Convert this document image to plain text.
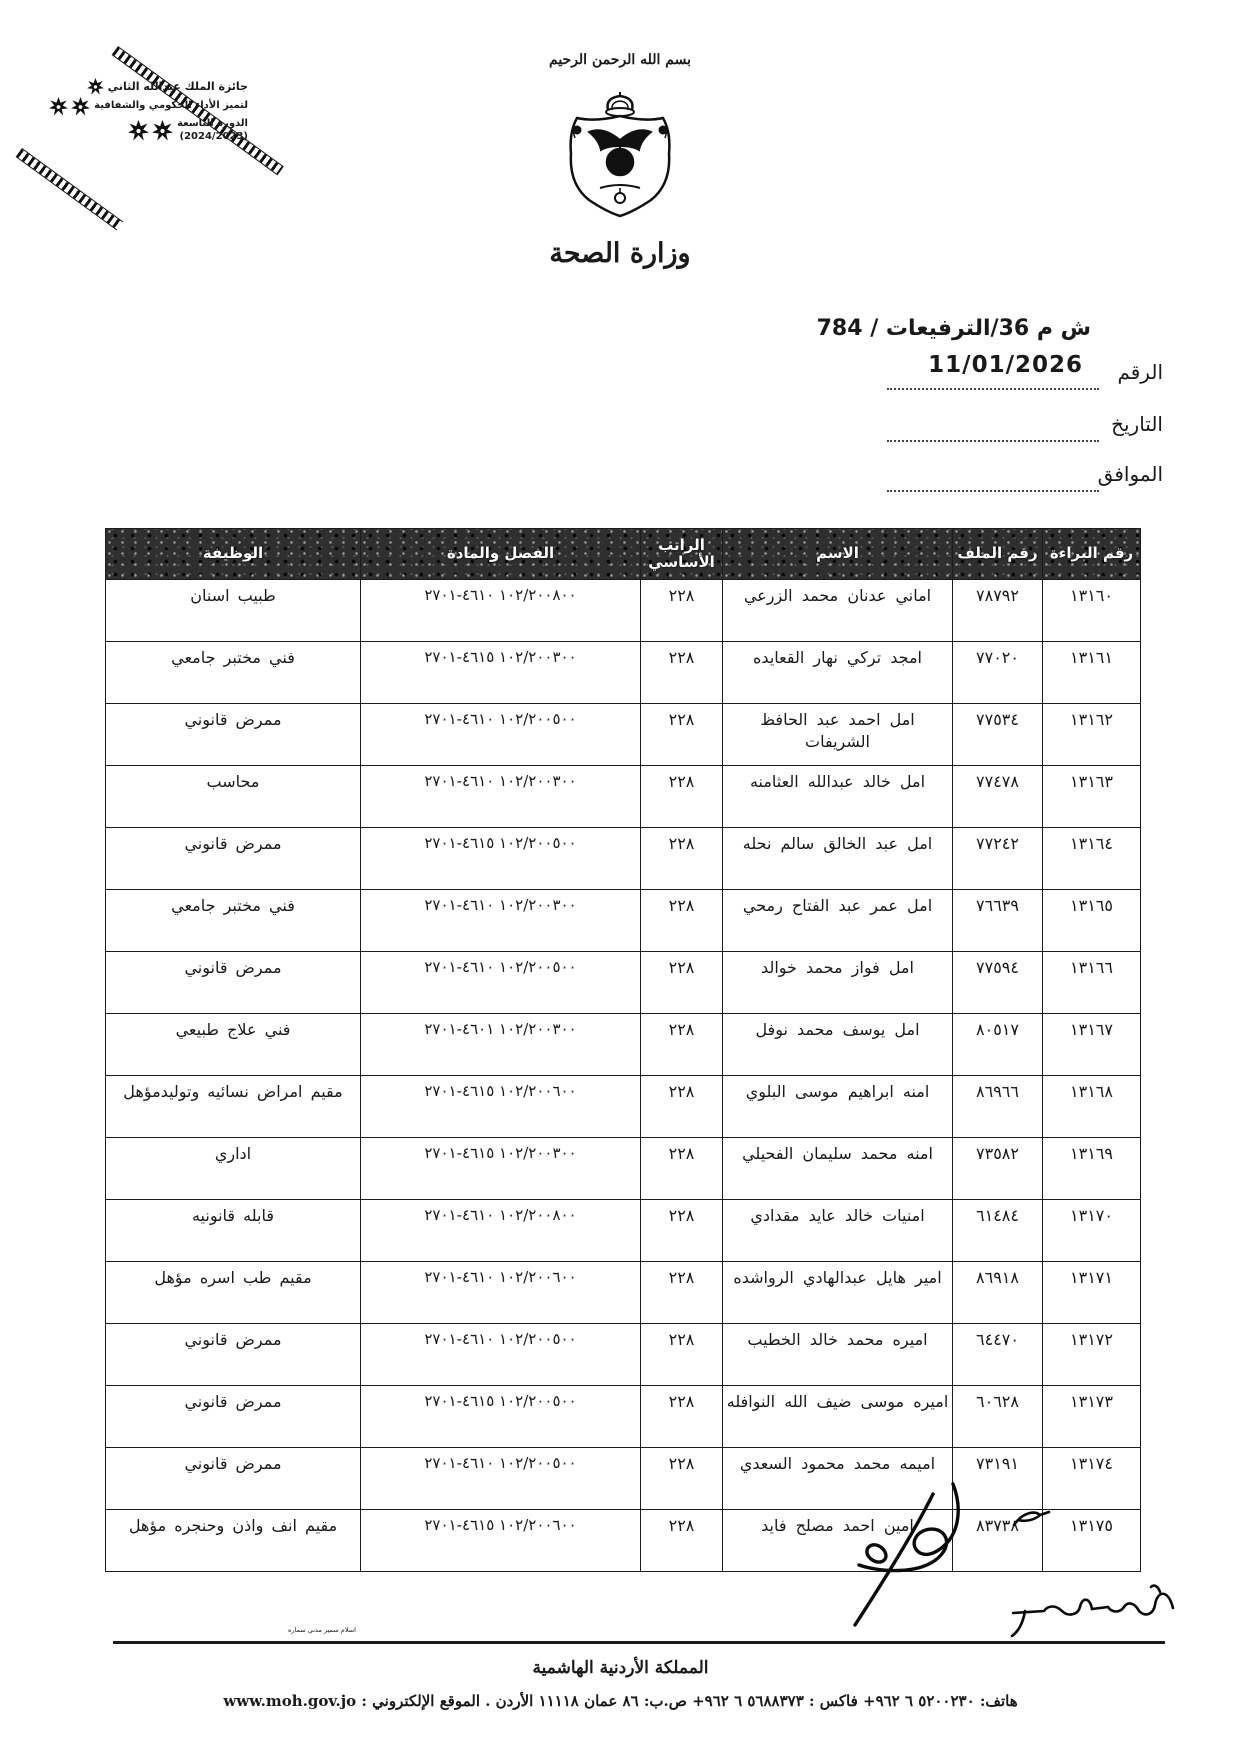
جائزة الملك عبدالله الثاني
لتميز الأداء الحكومي والشفافية
الدورة التاسعة
(2024/2023)
بسم الله الرحمن الرحيم
وزارة الصحة
ش م 36/الترفيعات / 784
11/01/2026 الرقم
التاريخ
الموافق
رقم البراءة	رقم الملف	الاسم	الراتب الأساسي	الفصل والمادة	الوظيفة
١٣١٦٠	٧٨٧٩٢	اماني عدنان محمد الزرعي	٢٢٨	١٠٢/٢٠٠٨٠٠ ٤٦١٠-٢٧٠١	طبيب اسنان
١٣١٦١	٧٧٠٢٠	امجد تركي نهار القعايده	٢٢٨	١٠٢/٢٠٠٣٠٠ ٤٦١٥-٢٧٠١	فني مختبر جامعي
١٣١٦٢	٧٧٥٣٤	امل احمد عبد الحافظ الشريفات	٢٢٨	١٠٢/٢٠٠٥٠٠ ٤٦١٠-٢٧٠١	ممرض قانوني
١٣١٦٣	٧٧٤٧٨	امل خالد عبدالله العثامنه	٢٢٨	١٠٢/٢٠٠٣٠٠ ٤٦١٠-٢٧٠١	محاسب
١٣١٦٤	٧٧٢٤٢	امل عبد الخالق سالم نحله	٢٢٨	١٠٢/٢٠٠٥٠٠ ٤٦١٥-٢٧٠١	ممرض قانوني
١٣١٦٥	٧٦٦٣٩	امل عمر عبد الفتاح رمحي	٢٢٨	١٠٢/٢٠٠٣٠٠ ٤٦١٠-٢٧٠١	فني مختبر جامعي
١٣١٦٦	٧٧٥٩٤	امل فواز محمد خوالد	٢٢٨	١٠٢/٢٠٠٥٠٠ ٤٦١٠-٢٧٠١	ممرض قانوني
١٣١٦٧	٨٠٥١٧	امل يوسف محمد نوفل	٢٢٨	١٠٢/٢٠٠٣٠٠ ٤٦٠١-٢٧٠١	فني علاج طبيعي
١٣١٦٨	٨٦٩٦٦	امنه ابراهيم موسى البلوي	٢٢٨	١٠٢/٢٠٠٦٠٠ ٤٦١٥-٢٧٠١	مقيم امراض نسائيه وتوليدمؤهل
١٣١٦٩	٧٣٥٨٢	امنه محمد سليمان الفحيلي	٢٢٨	١٠٢/٢٠٠٣٠٠ ٤٦١٥-٢٧٠١	اداري
١٣١٧٠	٦١٤٨٤	امنيات خالد عايد مقدادي	٢٢٨	١٠٢/٢٠٠٨٠٠ ٤٦١٠-٢٧٠١	قابله قانونيه
١٣١٧١	٨٦٩١٨	امير هايل عبدالهادي الرواشده	٢٢٨	١٠٢/٢٠٠٦٠٠ ٤٦١٠-٢٧٠١	مقيم طب اسره مؤهل
١٣١٧٢	٦٤٤٧٠	اميره محمد خالد الخطيب	٢٢٨	١٠٢/٢٠٠٥٠٠ ٤٦١٠-٢٧٠١	ممرض قانوني
١٣١٧٣	٦٠٦٢٨	اميره موسى ضيف الله النوافله	٢٢٨	١٠٢/٢٠٠٥٠٠ ٤٦١٥-٢٧٠١	ممرض قانوني
١٣١٧٤	٧٣١٩١	اميمه محمد محمود السعدي	٢٢٨	١٠٢/٢٠٠٥٠٠ ٤٦١٠-٢٧٠١	ممرض قانوني
١٣١٧٥	٨٣٧٣٨	امين احمد مصلح فايد	٢٢٨	١٠٢/٢٠٠٦٠٠ ٤٦١٥-٢٧٠١	مقيم انف واذن وحنجره مؤهل
اسلام سمير مدني سماره
المملكة الأردنية الهاشمية
هاتف: ٥٢٠٠٢٣٠ ٦ ٩٦٢+ فاكس : ٥٦٨٨٣٧٣ ٦ ٩٦٢+ ص.ب: ٨٦ عمان ١١١١٨ الأردن . الموقع الإلكتروني : www.moh.gov.jo
